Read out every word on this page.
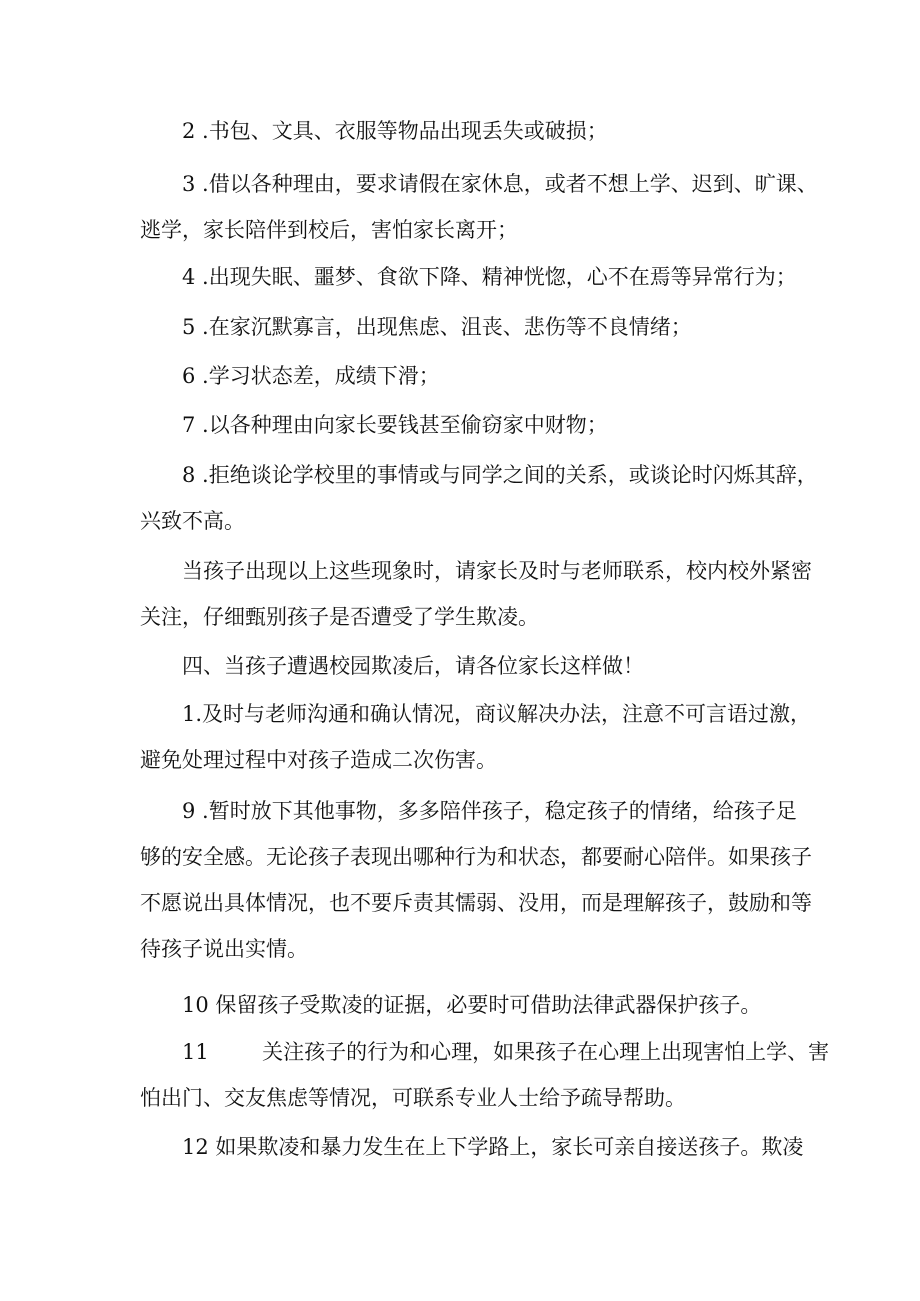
2 .书包、文具、衣服等物品出现丢失或破损；
3 .借以各种理由，要求请假在家休息，或者不想上学、迟到、旷课、
逃学，家长陪伴到校后，害怕家长离开；
4 .出现失眠、噩梦、食欲下降、精神恍惚，心不在焉等异常行为；
5 .在家沉默寡言，出现焦虑、沮丧、悲伤等不良情绪；
6 .学习状态差，成绩下滑；
7 .以各种理由向家长要钱甚至偷窃家中财物；
8 .拒绝谈论学校里的事情或与同学之间的关系，或谈论时闪烁其辞，
兴致不高。
当孩子出现以上这些现象时，请家长及时与老师联系，校内校外紧密
关注，仔细甄别孩子是否遭受了学生欺凌。
四、当孩子遭遇校园欺凌后，请各位家长这样做！
1.及时与老师沟通和确认情况，商议解决办法，注意不可言语过激，
避免处理过程中对孩子造成二次伤害。
9 .暂时放下其他事物，多多陪伴孩子，稳定孩子的情绪，给孩子足
够的安全感。无论孩子表现出哪种行为和状态，都要耐心陪伴。如果孩子
不愿说出具体情况，也不要斥责其懦弱、没用，而是理解孩子，鼓励和等
待孩子说出实情。
10 保留孩子受欺凌的证据，必要时可借助法律武器保护孩子。
11        关注孩子的行为和心理，如果孩子在心理上出现害怕上学、害
怕出门、交友焦虑等情况，可联系专业人士给予疏导帮助。
12 如果欺凌和暴力发生在上下学路上，家长可亲自接送孩子。欺凌
